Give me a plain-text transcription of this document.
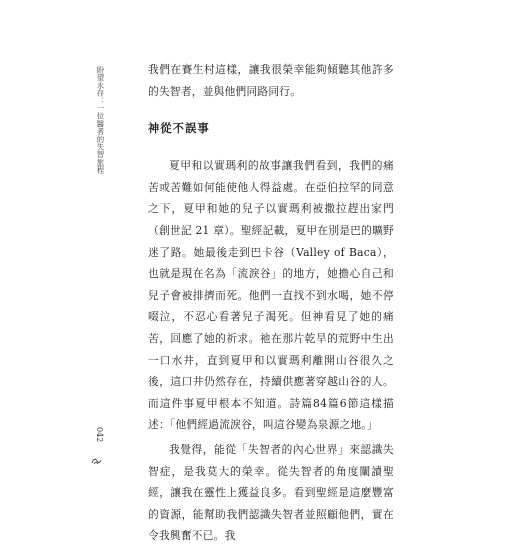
盼望永存：一位醫者的失智旅程
042

我們在賽生村這樣，讓我很榮幸能夠傾聽其他許多的失智者，並與他們同路同行。

神從不誤事

夏甲和以實瑪利的故事讓我們看到，我們的痛苦或苦難如何能使他人得益處。在亞伯拉罕的同意之下，夏甲和她的兒子以實瑪利被撒拉趕出家門（創世記 21 章）。聖經記載，夏甲在別是巴的曠野迷了路。她最後走到巴卡谷（Valley of Baca），也就是現在名為「流淚谷」的地方，她擔心自己和兒子會被排擠而死。他們一直找不到水喝，她不停啜泣，不忍心看著兒子渴死。但神看見了她的痛苦，回應了她的祈求。祂在那片乾旱的荒野中生出一口水井，直到夏甲和以實瑪利離開山谷很久之後，這口井仍然存在，持續供應著穿越山谷的人。而這件事夏甲根本不知道。詩篇84篇6節這樣描述：「他們經過流淚谷，叫這谷變為泉源之地。」

我覺得，能從「失智者的內心世界」來認識失智症，是我莫大的榮幸。從失智者的角度闡讀聖經，讓我在靈性上獲益良多。看到聖經是這麼豐富的資源，能幫助我們認識失智者並照顧他們，實在令我興奮不已。我
